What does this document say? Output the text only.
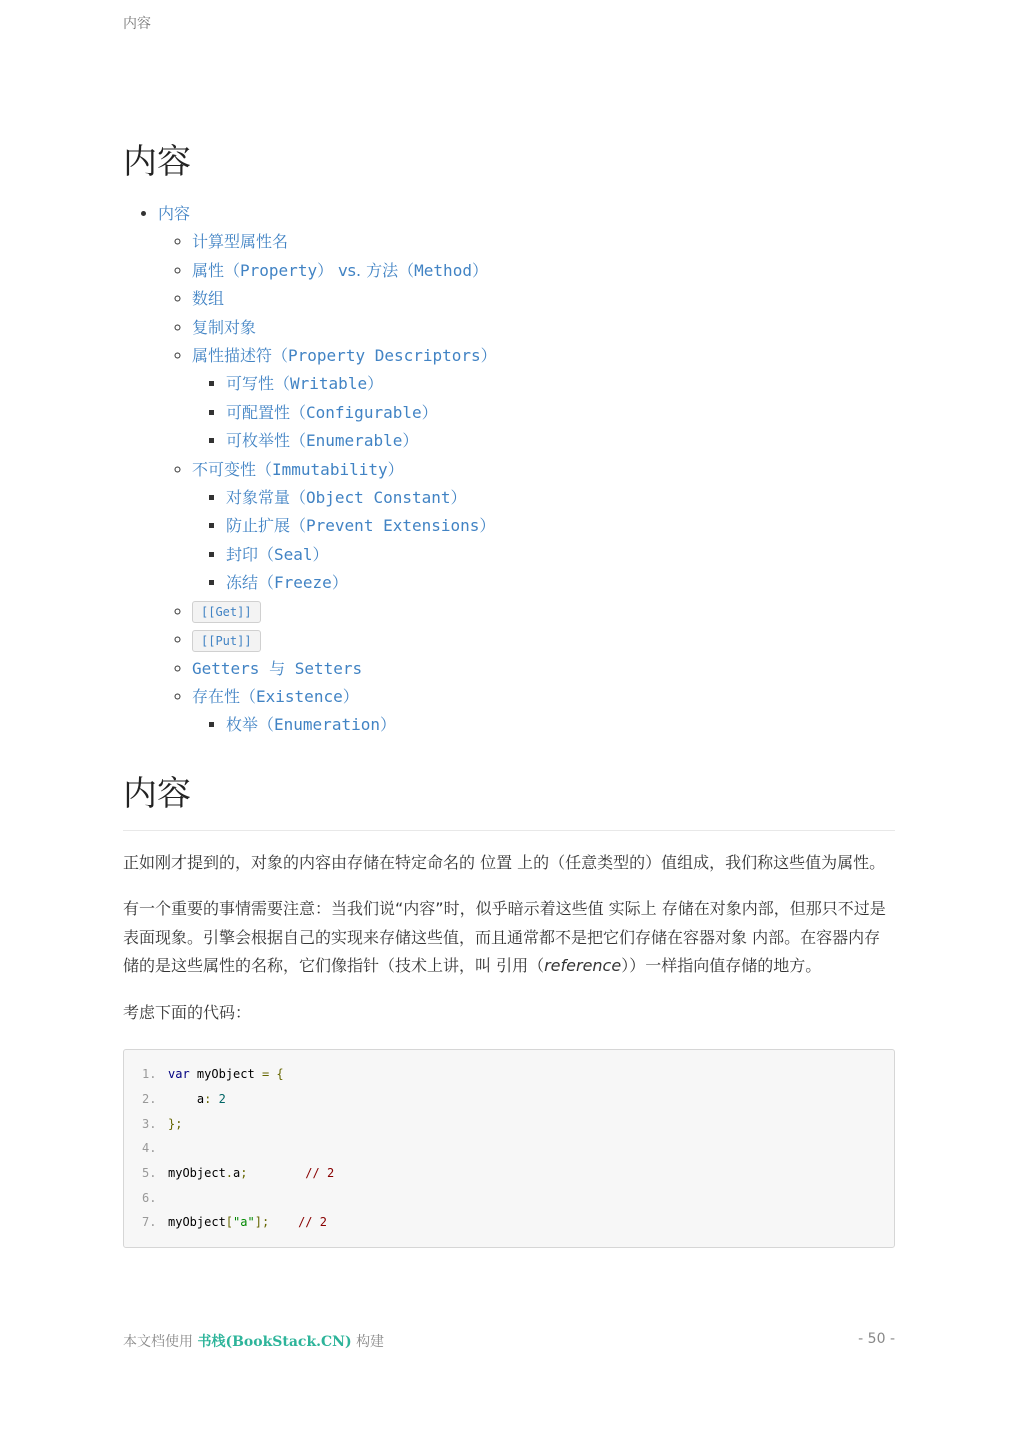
内容
内容
• 内容
◦ 计算型属性名
◦ 属性（Property） vs. 方法（Method）
◦ 数组
◦ 复制对象
◦ 属性描述符（Property Descriptors）
▪ 可写性（Writable）
▪ 可配置性（Configurable）
▪ 可枚举性（Enumerable）
◦ 不可变性（Immutability）
▪ 对象常量（Object Constant）
▪ 防止扩展（Prevent Extensions）
▪ 封印（Seal）
▪ 冻结（Freeze）
◦ [[Get]]
◦ [[Put]]
◦ Getters 与 Setters
◦ 存在性（Existence）
▪ 枚举（Enumeration）
内容

正如刚才提到的，对象的内容由存储在特定命名的 位置 上的（任意类型的）值组成，我们称这些值为属性。

有一个重要的事情需要注意：当我们说“内容”时，似乎暗示着这些值 实际上 存储在对象内部，但那只不过是表面现象。引擎会根据自己的实现来存储这些值，而且通常都不是把它们存储在容器对象 内部。在容器内存储的是这些属性的名称，它们像指针（技术上讲，叫 引用（reference））一样指向值存储的地方。

考虑下面的代码：

1. var myObject = {
2.	a: 2
3. };
4.
5. myObject.a;	// 2
6.
7. myObject["a"]; // 2
本文档使用 书栈(BookStack.CN) 构建	- 50 -
